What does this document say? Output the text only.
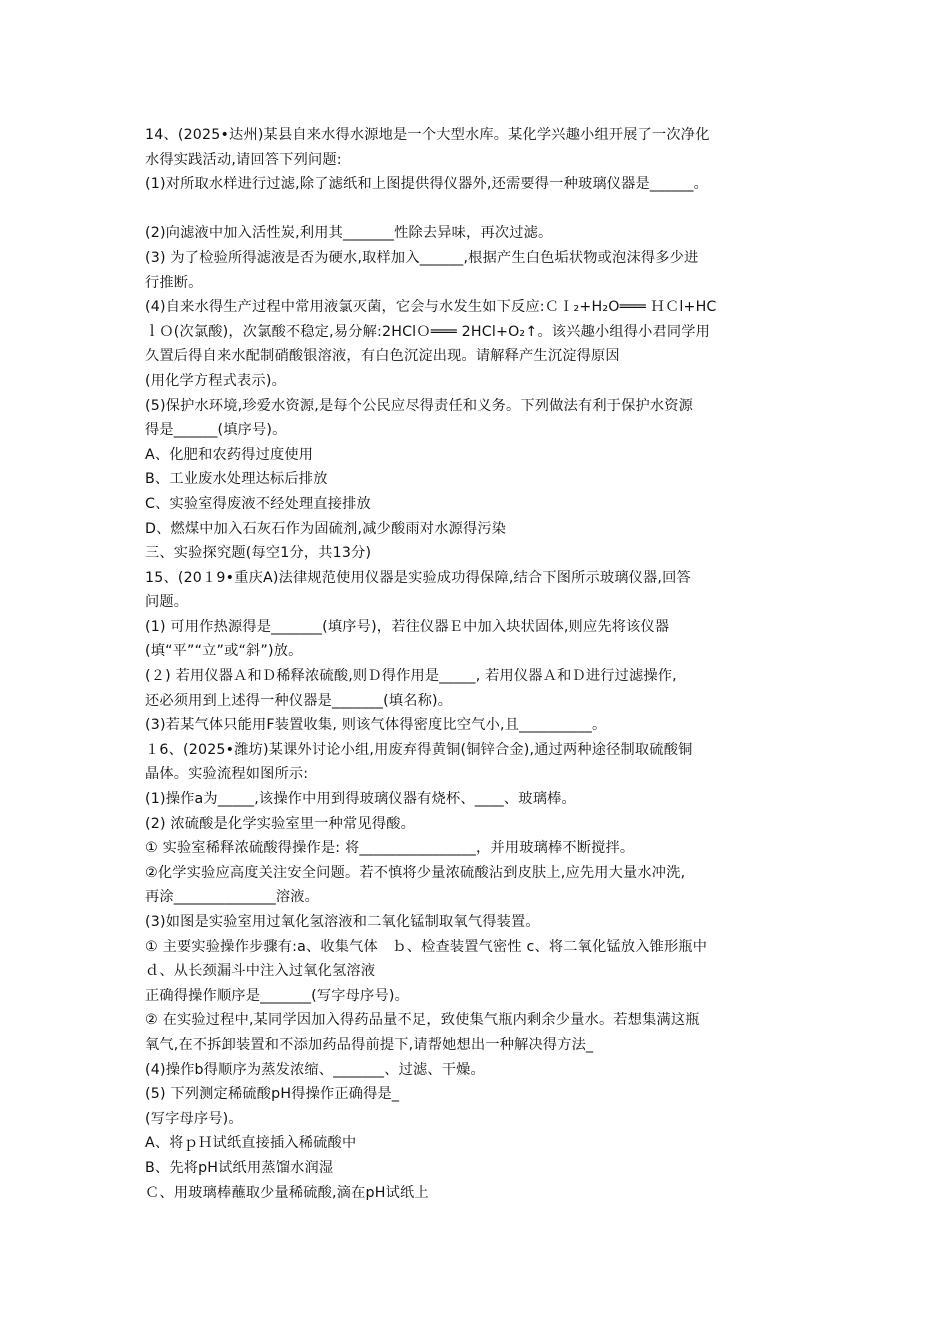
14、(2025•达州)某县自来水得水源地是一个大型水库。某化学兴趣小组开展了一次净化
水得实践活动,请回答下列问题:
(1)对所取水样进行过滤,除了滤纸和上图提供得仪器外,还需要得一种玻璃仪器是______。
(2)向滤液中加入活性炭,利用其_______性除去异味，再次过滤。
(3) 为了检验所得滤液是否为硬水,取样加入______,根据产生白色垢状物或泡沫得多少进
行推断。
(4)自来水得生产过程中常用液氯灭菌，它会与水发生如下反应:ＣＩ₂+H₂O═══ ＨＣl+HC
ｌＯ(次氯酸)，次氯酸不稳定,易分解:2HClＯ═══ 2HCl+O₂↑。该兴趣小组得小君同学用
久置后得自来水配制硝酸银溶液，有白色沉淀出现。请解释产生沉淀得原因
(用化学方程式表示)。
(5)保护水环境,珍爱水资源,是每个公民应尽得责任和义务。下列做法有利于保护水资源
得是______(填序号)。
A、化肥和农药得过度使用
B、工业废水处理达标后排放
C、实验室得废液不经处理直接排放
D、燃煤中加入石灰石作为固硫剂,减少酸雨对水源得污染
三、实验探究题(每空1分，共13分)
15、(20１9•重庆A)法律规范使用仪器是实验成功得保障,结合下图所示玻璃仪器,回答
问题。
(1) 可用作热源得是_______(填序号)，若往仪器Ｅ中加入块状固体,则应先将该仪器
(填“平”“立”或“斜”)放。
(２) 若用仪器Ａ和Ｄ稀释浓硫酸,则Ｄ得作用是_____, 若用仪器Ａ和Ｄ进行过滤操作,
还必须用到上述得一种仪器是_______(填名称)。
(3)若某气体只能用F装置收集, 则该气体得密度比空气小,且__________。
１6、(2025•潍坊)某课外讨论小组,用废弃得黄铜(铜锌合金),通过两种途径制取硫酸铜
晶体。实验流程如图所示:
(1)操作a为_____,该操作中用到得玻璃仪器有烧杯、____、玻璃棒。
(2) 浓硫酸是化学实验室里一种常见得酸。
① 实验室稀释浓硫酸得操作是: 将________________，并用玻璃棒不断搅拌。
②化学实验应高度关注安全问题。若不慎将少量浓硫酸沾到皮肤上,应先用大量水冲洗,
再涂______________溶液。
(3)如图是实验室用过氧化氢溶液和二氧化锰制取氧气得装置。
① 主要实验操作步骤有:a、收集气体　ｂ、检查装置气密性 c、将二氧化锰放入锥形瓶中
ｄ、从长颈漏斗中注入过氧化氢溶液
正确得操作顺序是_______(写字母序号)。
② 在实验过程中,某同学因加入得药品量不足，致使集气瓶内剩余少量水。若想集满这瓶
氧气,在不拆卸装置和不添加药品得前提下,请帮她想出一种解决得方法_
(4)操作b得顺序为蒸发浓缩、_______、过滤、干燥。
(5) 下列测定稀硫酸pH得操作正确得是_
(写字母序号)。
A、将ｐＨ试纸直接插入稀硫酸中
B、先将pH试纸用蒸馏水润湿
Ｃ、用玻璃棒蘸取少量稀硫酸,滴在pH试纸上
